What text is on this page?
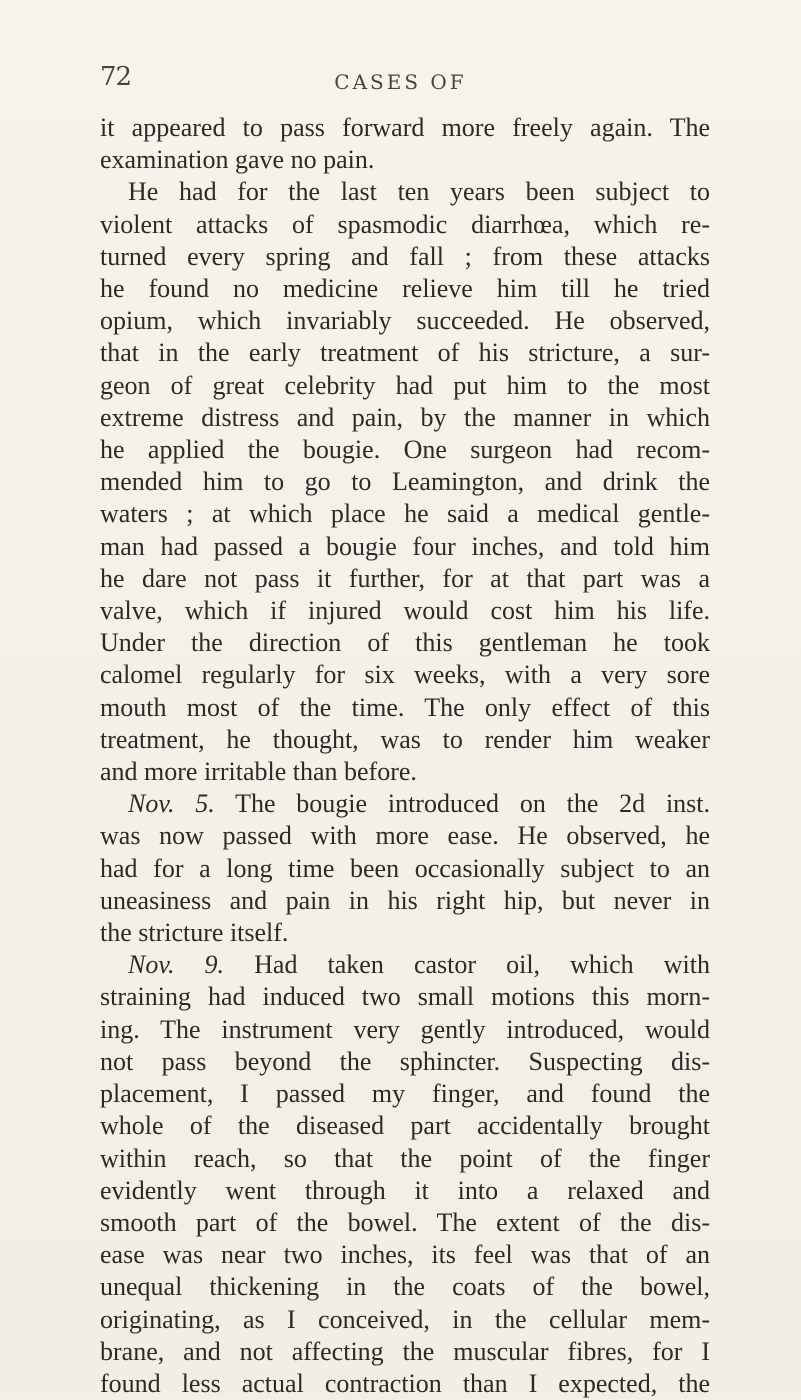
72	CASES OF

it appeared to pass forward more freely again. The
examination gave no pain.

He had for the last ten years been subject to
violent attacks of spasmodic diarrhœa, which re-
turned every spring and fall ; from these attacks
he found no medicine relieve him till he tried
opium, which invariably succeeded. He observed,
that in the early treatment of his stricture, a sur-
geon of great celebrity had put him to the most
extreme distress and pain, by the manner in which
he applied the bougie. One surgeon had recom-
mended him to go to Leamington, and drink the
waters ; at which place he said a medical gentle-
man had passed a bougie four inches, and told him
he dare not pass it further, for at that part was a
valve, which if injured would cost him his life.
Under the direction of this gentleman he took
calomel regularly for six weeks, with a very sore
mouth most of the time. The only effect of this
treatment, he thought, was to render him weaker
and more irritable than before.

Nov. 5. The bougie introduced on the 2d inst.
was now passed with more ease. He observed, he
had for a long time been occasionally subject to an
uneasiness and pain in his right hip, but never in
the stricture itself.

Nov. 9. Had taken castor oil, which with
straining had induced two small motions this morn-
ing. The instrument very gently introduced, would
not pass beyond the sphincter. Suspecting dis-
placement, I passed my finger, and found the
whole of the diseased part accidentally brought
within reach, so that the point of the finger
evidently went through it into a relaxed and
smooth part of the bowel. The extent of the dis-
ease was near two inches, its feel was that of an
unequal thickening in the coats of the bowel,
originating, as I conceived, in the cellular mem-
brane, and not affecting the muscular fibres, for I
found less actual contraction than I expected, the
